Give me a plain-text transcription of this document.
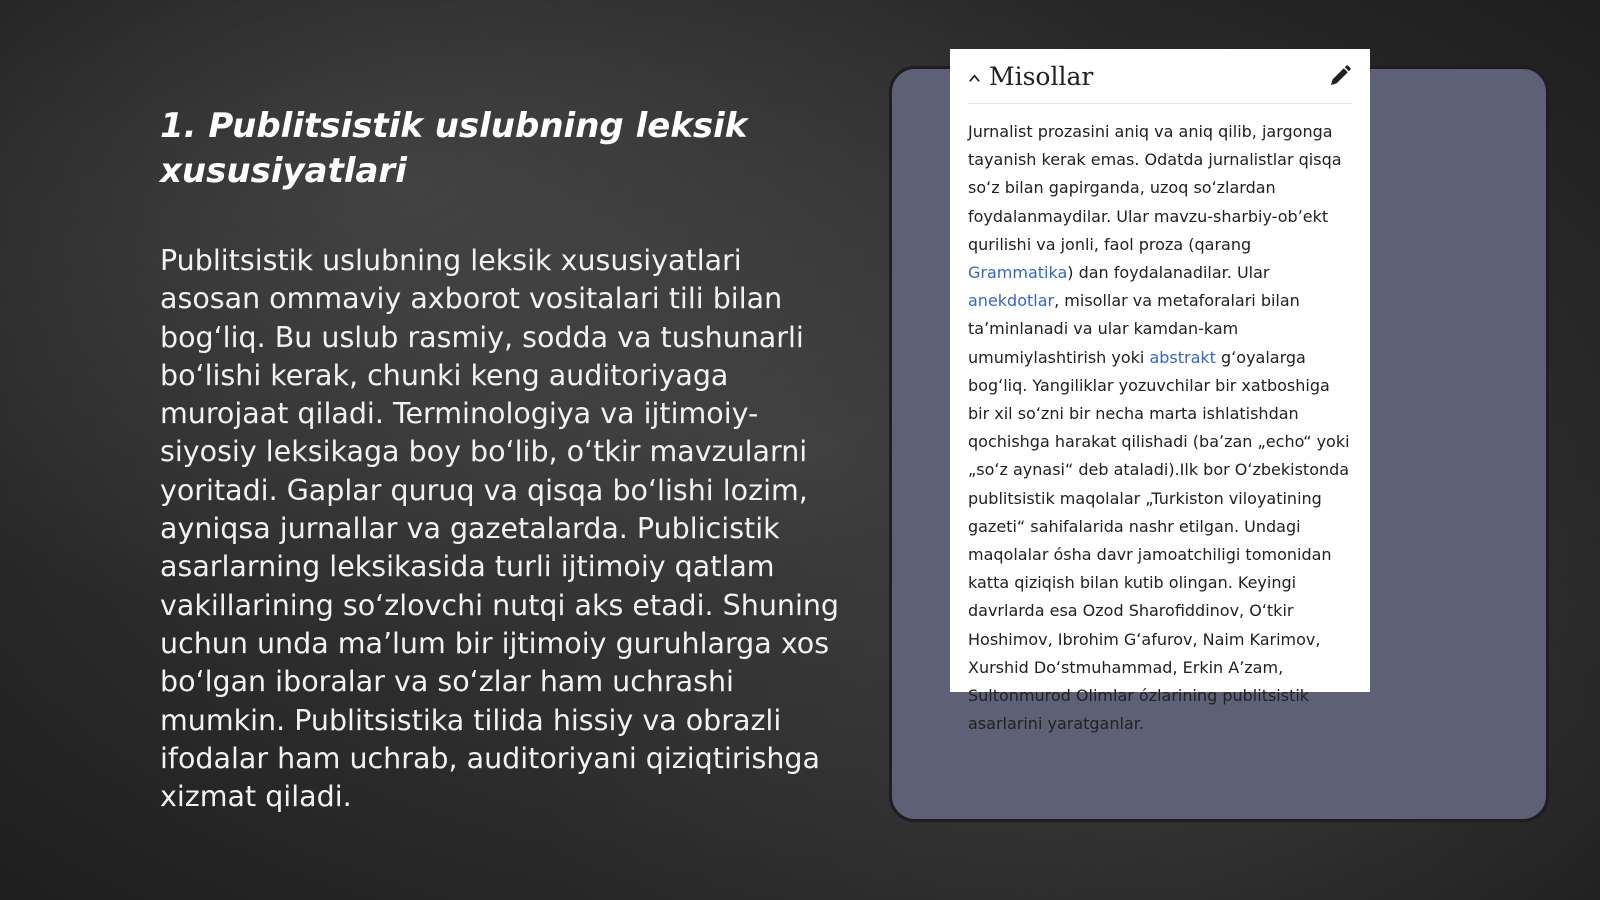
1. Publitsistik uslubning leksik xususiyatlari

Publitsistik uslubning leksik xususiyatlari asosan ommaviy axborot vositalari tili bilan bog‘liq. Bu uslub rasmiy, sodda va tushunarli bo‘lishi kerak, chunki keng auditoriyaga murojaat qiladi. Terminologiya va ijtimoiy-siyosiy leksikaga boy bo‘lib, o‘tkir mavzularni yoritadi. Gaplar quruq va qisqa bo‘lishi lozim, ayniqsa jurnallar va gazetalarda. Publicistik asarlarning leksikasida turli ijtimoiy qatlam vakillarining so‘zlovchi nutqi aks etadi. Shuning uchun unda ma’lum bir ijtimoiy guruhlarga xos bo‘lgan iboralar va so‘zlar ham uchrashi mumkin. Publitsistika tilida hissiy va obrazli ifodalar ham uchrab, auditoriyani qiziqtirishga xizmat qiladi.

Misollar
Jurnalist prozasini aniq va aniq qilib, jargonga tayanish kerak emas. Odatda jurnalistlar qisqa soʻz bilan gapirganda, uzoq soʻzlardan foydalanmaydilar. Ular mavzu-sharbiy-obʼekt qurilishi va jonli, faol proza (qarang Grammatika) dan foydalanadilar. Ular anekdotlar, misollar va metaforalari bilan taʼminlanadi va ular kamdan-kam umumiylashtirish yoki abstrakt gʻoyalarga bogʻliq. Yangiliklar yozuvchilar bir xatboshiga bir xil soʻzni bir necha marta ishlatishdan qochishga harakat qilishadi (baʼzan „echo“ yoki „soʻz aynasi“ deb ataladi).Ilk bor Oʻzbekistonda publitsistik maqolalar „Turkiston viloyatining gazeti“ sahifalarida nashr etilgan. Undagi maqolalar ósha davr jamoatchiligi tomonidan katta qiziqish bilan kutib olingan. Keyingi davrlarda esa Ozod Sharofiddinov, Oʻtkir Hoshimov, Ibrohim Gʻafurov, Naim Karimov, Xurshid Doʻstmuhammad, Erkin Aʼzam, Sultonmurod Olimlar ózlarining publitsistik asarlarini yaratganlar.
